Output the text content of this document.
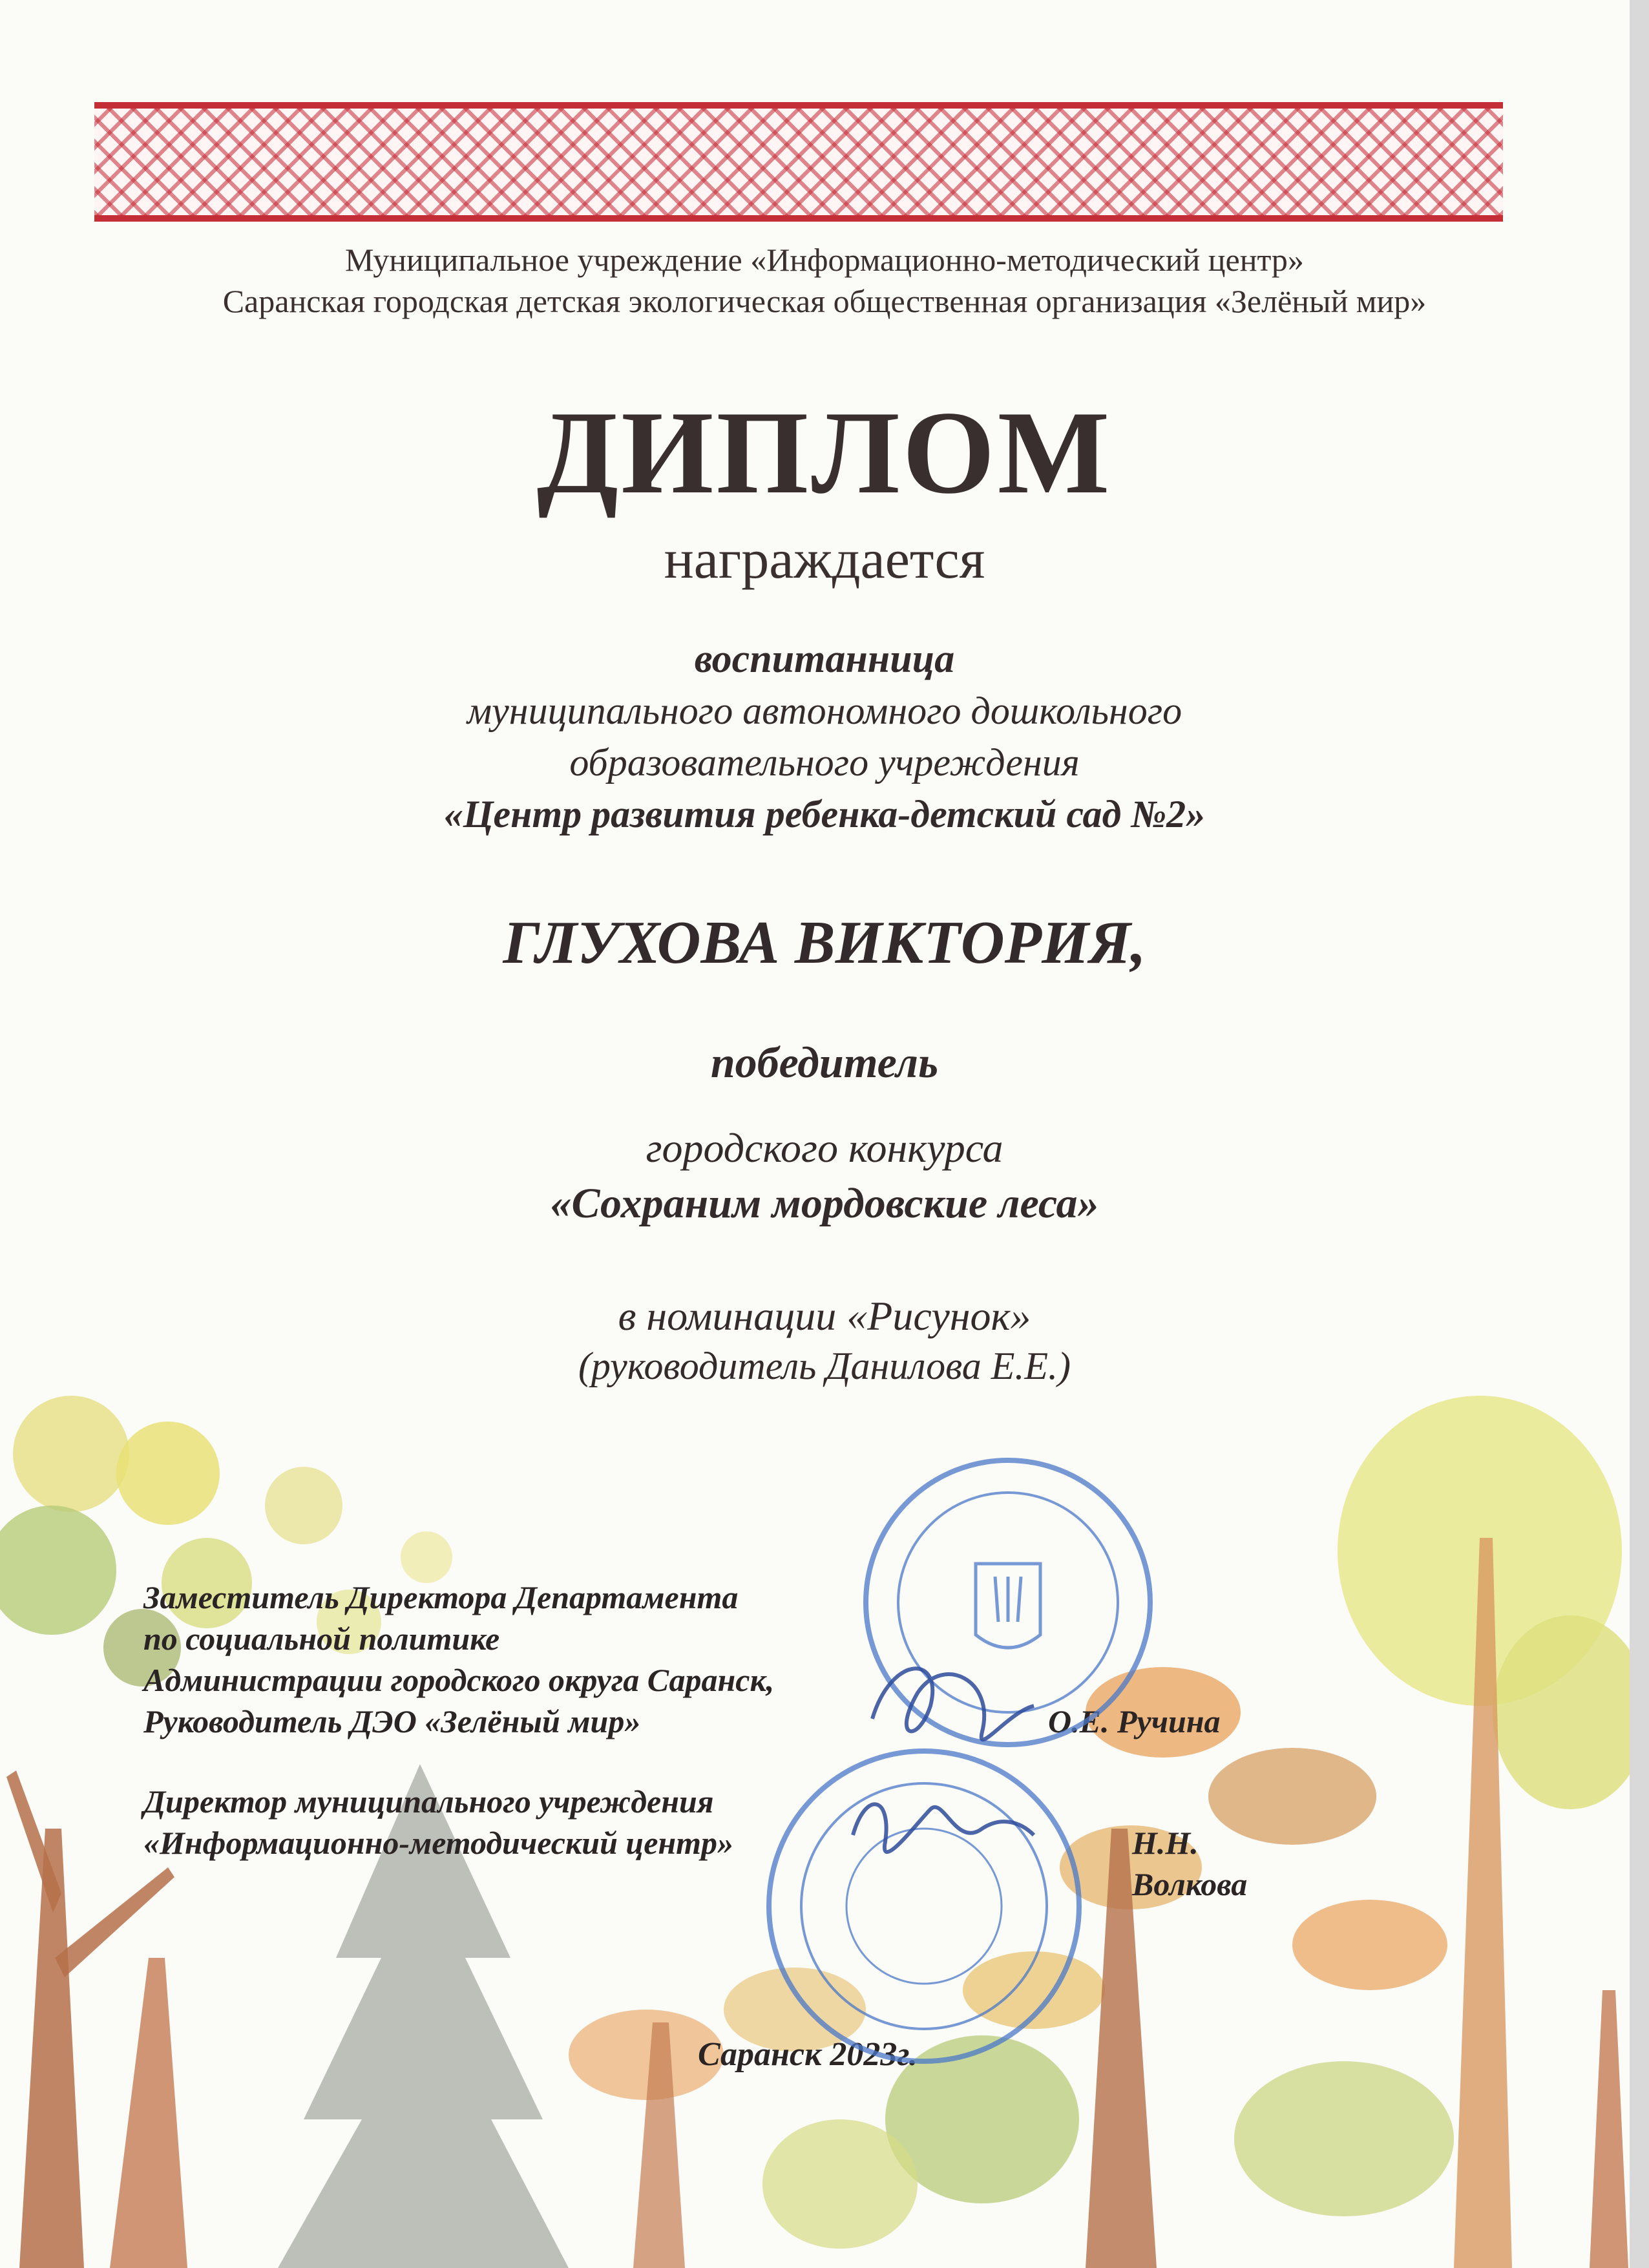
Муниципальное учреждение «Информационно-методический центр»
Саранская городская детская экологическая общественная организация «Зелёный мир»
ДИПЛОМ
награждается
воспитанница
муниципального автономного дошкольного
образовательного учреждения
«Центр развития ребенка-детский сад №2»
ГЛУХОВА ВИКТОРИЯ,
победитель
городского конкурса
«Сохраним мордовские леса»
в номинации «Рисунок»
(руководитель Данилова Е.Е.)
Заместитель Директора Департамента
по социальной политике
Администрации городского округа Саранск,
Руководитель ДЭО «Зелёный мир»	О.Е. Ручина
Директор муниципального учреждения
«Информационно-методический центр»	Н.Н. Волкова
Саранск 2023г.
